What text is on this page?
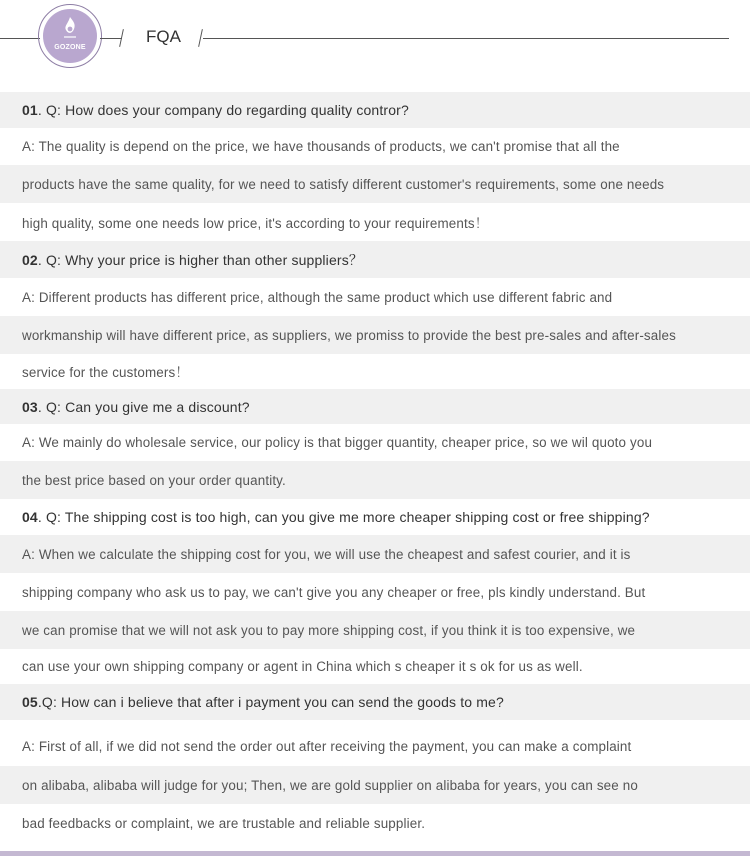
GOZONE
FQA
01 . Q: How does your company do regarding quality contror?
A: The quality is depend on the price, we have thousands of products, we can't promise that all the
products have the same quality, for we need to satisfy different customer's requirements, some one needs
high quality, some one needs low price, it's according to your requirements！
02 . Q: Why your price is higher than other suppliers？
A: Different products has different price, although the same product which use different fabric and
workmanship will have different price, as suppliers, we promiss to provide the best pre-sales and after-sales
service for the customers！
03 . Q: Can you give me a discount?
A: We mainly do wholesale service, our policy is that bigger quantity, cheaper price, so we wil quoto you
the best price based on your order quantity.
04 . Q: The shipping cost is too high, can you give me more cheaper shipping cost or free shipping?
A: When we calculate the shipping cost for you, we will use the cheapest and safest courier, and it is
shipping company who ask us to pay, we can't give you any cheaper or free, pls kindly understand. But
we can promise that we will not ask you to pay more shipping cost, if you think it is too expensive, we
can use your own shipping company or agent in China which s cheaper it s ok for us as well.
05 .Q: How can i believe that after i payment you can send the goods to me?
A: First of all, if we did not send the order out after receiving the payment, you can make a complaint
on alibaba, alibaba will judge for you; Then, we are gold supplier on alibaba for years, you can see no
bad feedbacks or complaint, we are trustable and reliable supplier.
